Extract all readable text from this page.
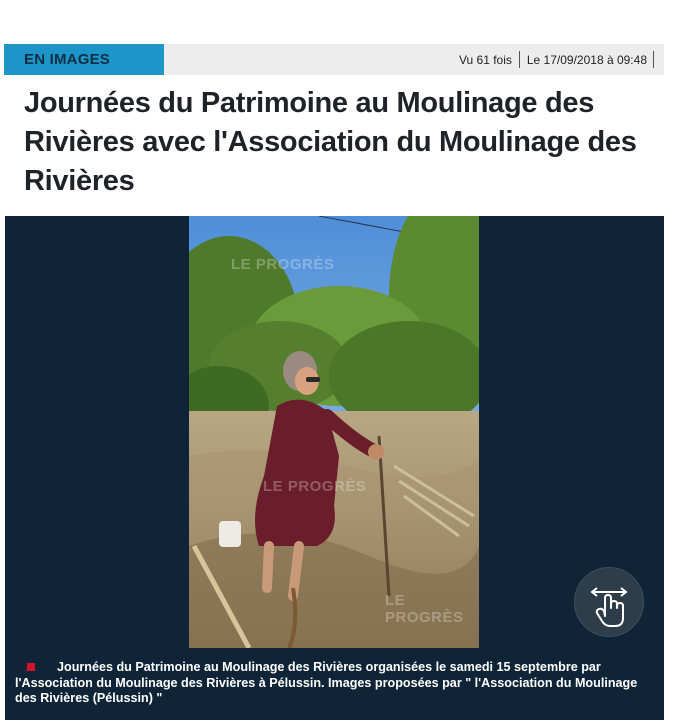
EN IMAGES	Vu 61 fois Le 17/09/2018 à 09:48
Journées du Patrimoine au Moulinage des Rivières avec l'Association du Moulinage des Rivières
LE PROGRÈS
LE PROGRÈS
LE PROGRÈS
Journées du Patrimoine au Moulinage des Rivières organisées le samedi 15 septembre par l'Association du Moulinage des Rivières à Pélussin. Images proposées par " l'Association du Moulinage des Rivières (Pélussin) "
